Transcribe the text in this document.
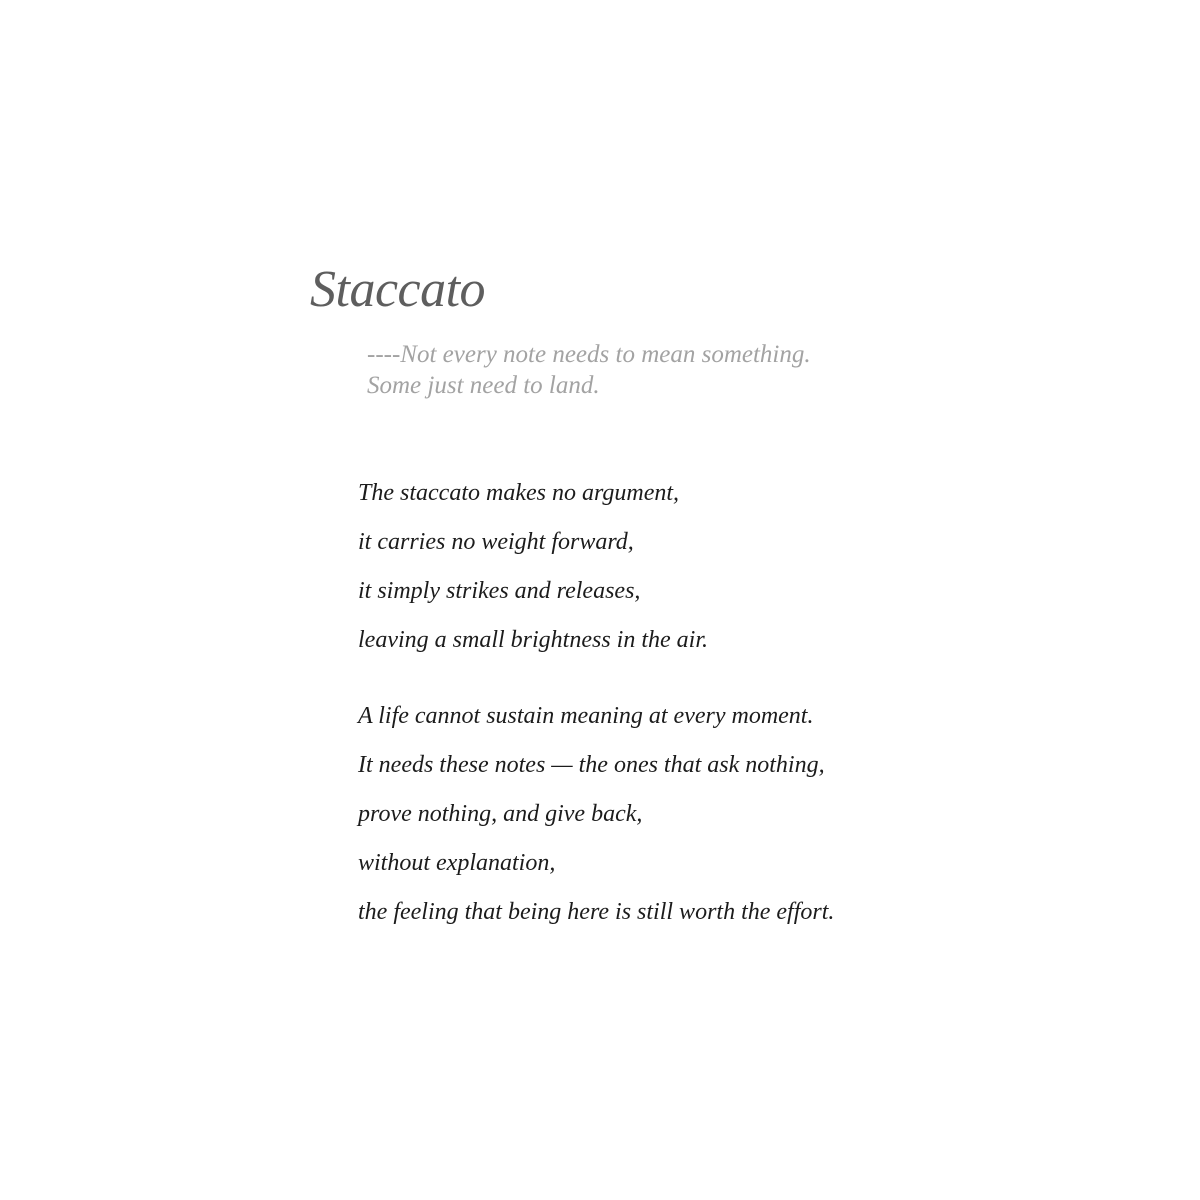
Staccato
----Not every note needs to mean something.
Some just need to land.
The staccato makes no argument,
it carries no weight forward,
it simply strikes and releases,
leaving a small brightness in the air.
A life cannot sustain meaning at every moment.
It needs these notes — the ones that ask nothing,
prove nothing, and give back,
without explanation,
the feeling that being here is still worth the effort.
